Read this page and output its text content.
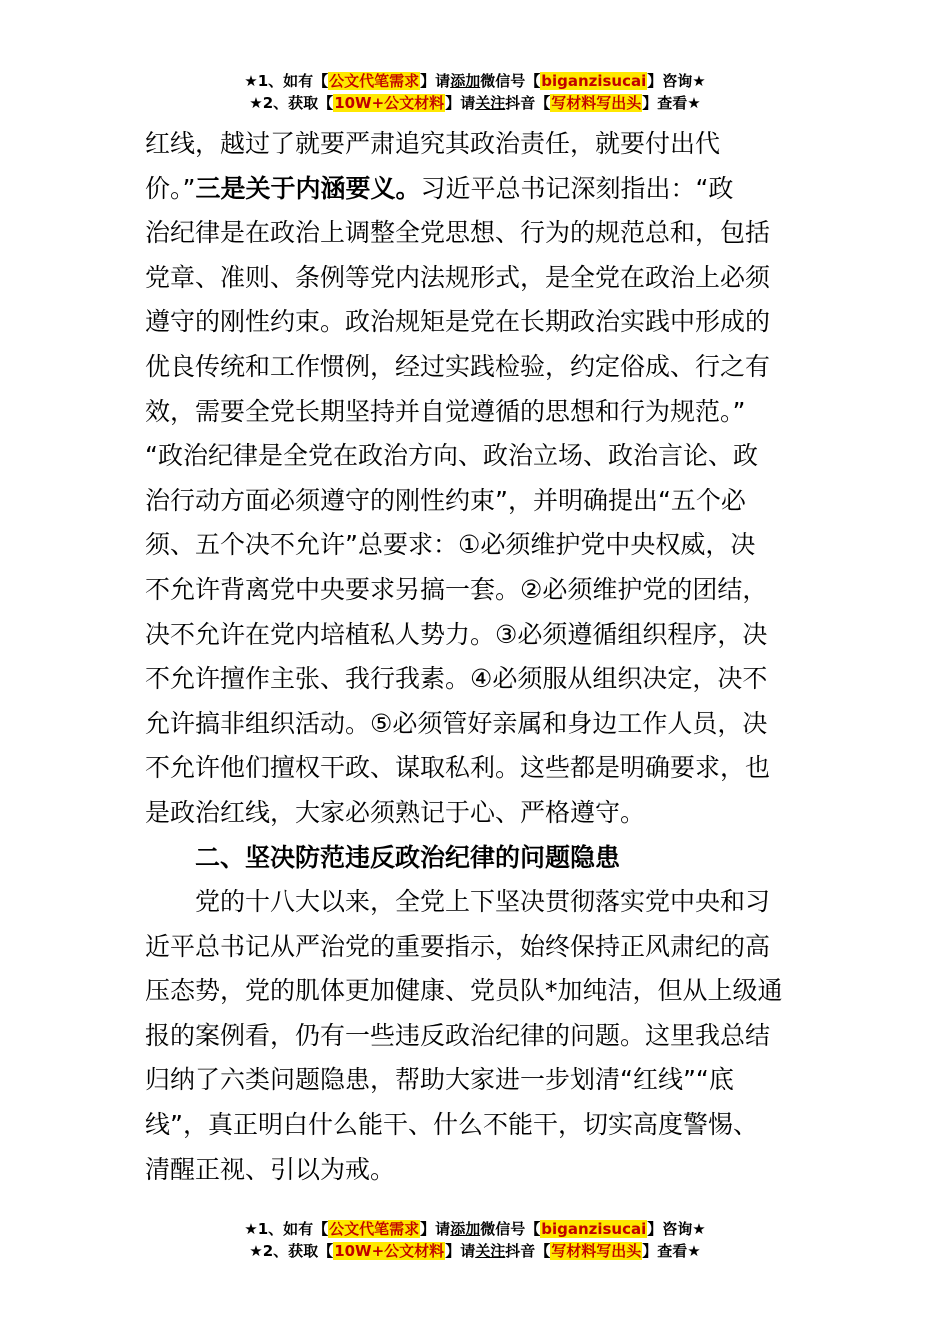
★1、如有【公文代笔需求】请添加微信号【biganzisucai】咨询★
★2、获取【10W+公文材料】请关注抖音【写材料写出头】查看★
红线，越过了就要严肃追究其政治责任，就要付出代
价。”三是关于内涵要义。习近平总书记深刻指出：“政
治纪律是在政治上调整全党思想、行为的规范总和，包括
党章、准则、条例等党内法规形式，是全党在政治上必须
遵守的刚性约束。政治规矩是党在长期政治实践中形成的
优良传统和工作惯例，经过实践检验，约定俗成、行之有
效，需要全党长期坚持并自觉遵循的思想和行为规范。”
“政治纪律是全党在政治方向、政治立场、政治言论、政
治行动方面必须遵守的刚性约束”，并明确提出“五个必
须、五个决不允许”总要求：①必须维护党中央权威，决
不允许背离党中央要求另搞一套。②必须维护党的团结，
决不允许在党内培植私人势力。③必须遵循组织程序，决
不允许擅作主张、我行我素。④必须服从组织决定，决不
允许搞非组织活动。⑤必须管好亲属和身边工作人员，决
不允许他们擅权干政、谋取私利。这些都是明确要求，也
是政治红线，大家必须熟记于心、严格遵守。
二、坚决防范违反政治纪律的问题隐患
党的十八大以来，全党上下坚决贯彻落实党中央和习
近平总书记从严治党的重要指示，始终保持正风肃纪的高
压态势，党的肌体更加健康、党员队*加纯洁，但从上级通
报的案例看，仍有一些违反政治纪律的问题。这里我总结
归纳了六类问题隐患，帮助大家进一步划清“红线”“底
线”，真正明白什么能干、什么不能干，切实高度警惕、
清醒正视、引以为戒。
★1、如有【公文代笔需求】请添加微信号【biganzisucai】咨询★
★2、获取【10W+公文材料】请关注抖音【写材料写出头】查看★
